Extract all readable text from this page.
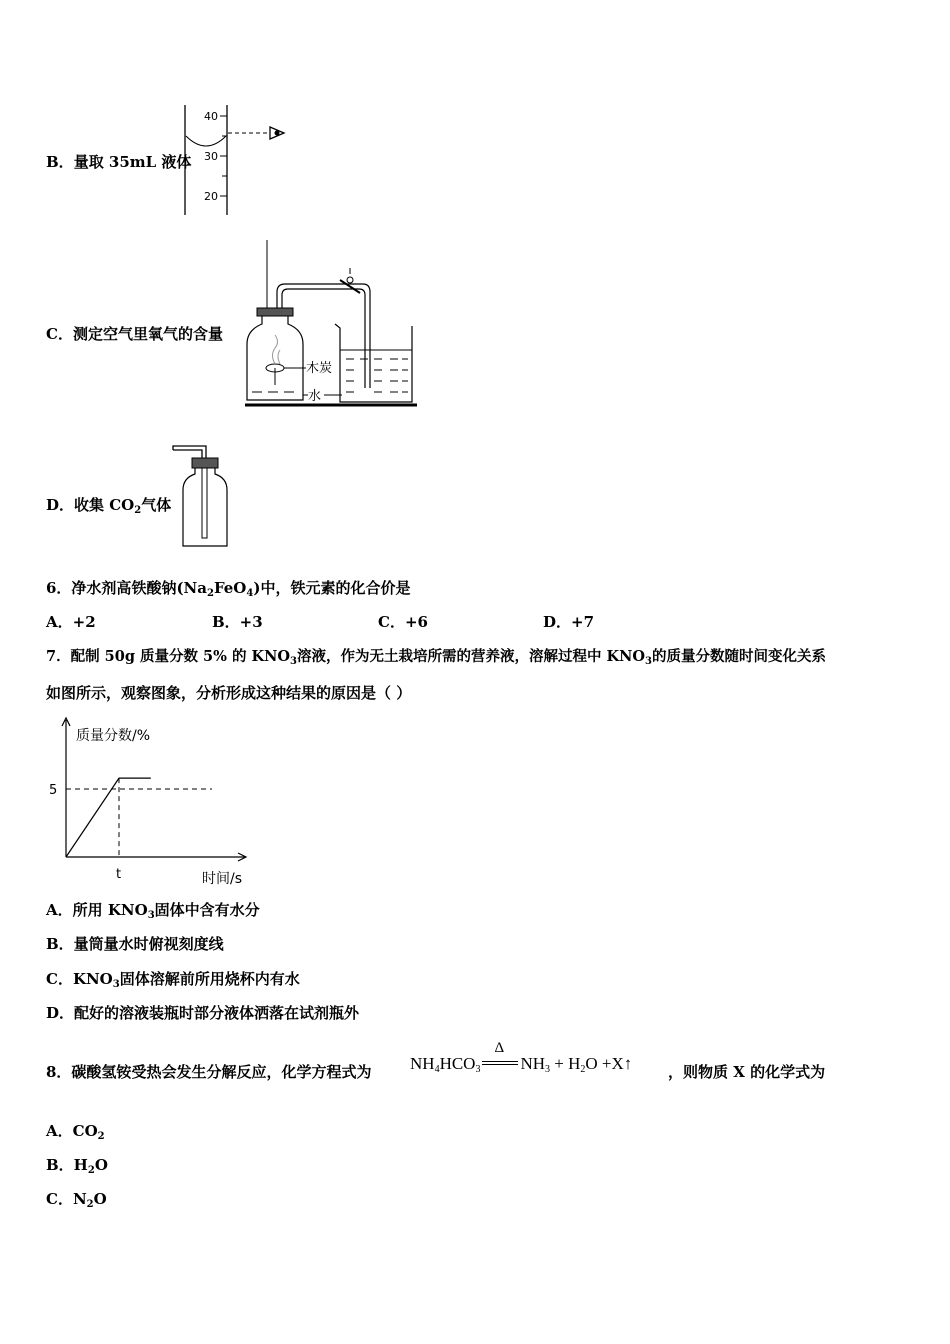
B．量取 35mL 液体
40
30
20
C．测定空气里氧气的含量
木炭
水
D．收集 $CO_2$气体
6．净水剂高铁酸钠$(Na_2FeO_4)$中，铁元素的化合价是
A．+2	B．+3	C．+6	D．+7
7．配制 50g 质量分数 5% 的 $KNO_3$溶液，作为无土栽培所需的营养液，溶解过程中 $KNO_3$的质量分数随时间变化关系
如图所示，观察图象，分析形成这种结果的原因是（ ）
质量分数/%
时间/s
5
t
A．所用 $KNO_3$固体中含有水分
B．量筒量水时俯视刻度线
C．$KNO_3$固体溶解前所用烧杯内有水
D．配好的溶液装瓶时部分液体洒落在试剂瓶外
8．碳酸氢铵受热会发生分解反应，化学方程式为 $NH_4HCO_3$
Δ
$NH_3 + H_2O$ +X↑ ，则物质 X 的化学式为
A．$CO_2$
B．$H_2O$
C．$N_2O$
